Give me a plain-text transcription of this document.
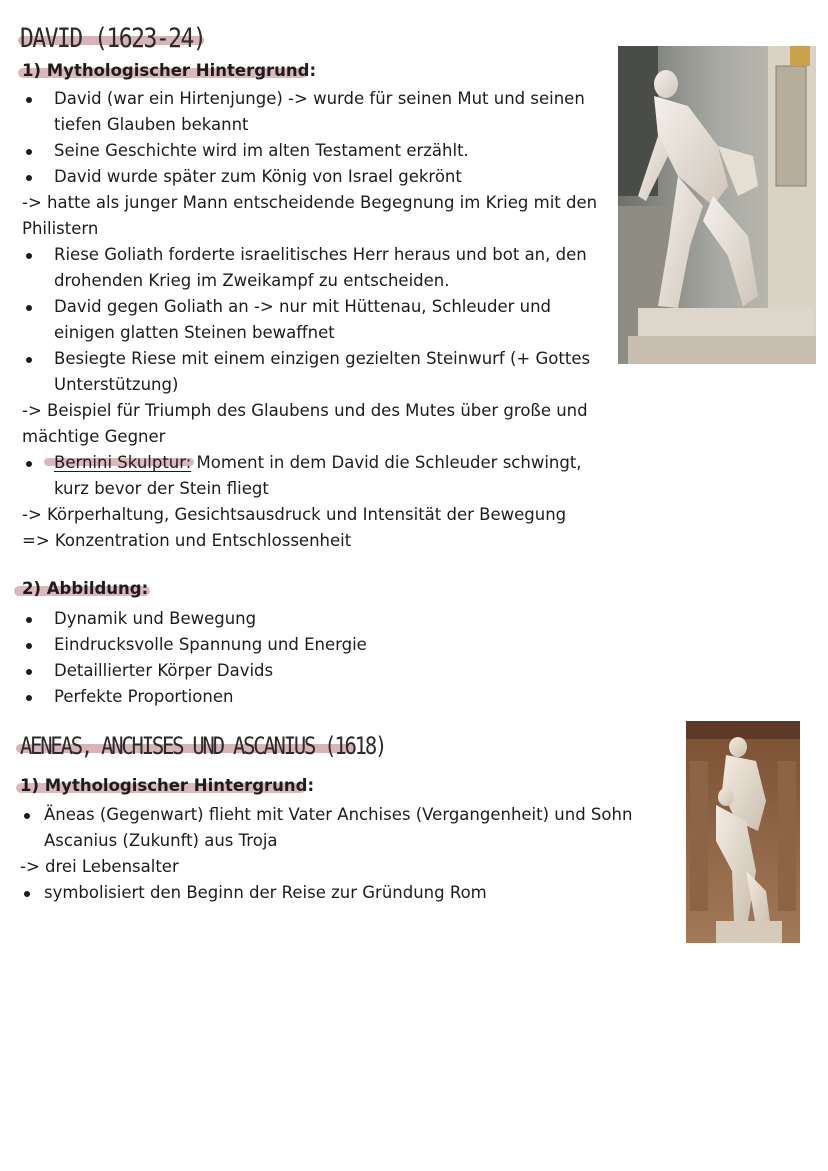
DAVID (1623-24)
1) Mythologischer Hintergrund:
David (war ein Hirtenjunge) -> wurde für seinen Mut und seinen
tiefen Glauben bekannt
Seine Geschichte wird im alten Testament erzählt.
David wurde später zum König von Israel gekrönt
-> hatte als junger Mann entscheidende Begegnung im Krieg mit den
Philistern
Riese Goliath forderte israelitisches Herr heraus und bot an, den
drohenden Krieg im Zweikampf zu entscheiden.
David gegen Goliath an -> nur mit Hüttenau, Schleuder und
einigen glatten Steinen bewaffnet
Besiegte Riese mit einem einzigen gezielten Steinwurf (+ Gottes
Unterstützung)
-> Beispiel für Triumph des Glaubens und des Mutes über große und
mächtige Gegner
Bernini Skulptur: Moment in dem David die Schleuder schwingt,
kurz bevor der Stein fliegt
-> Körperhaltung, Gesichtsausdruck und Intensität der Bewegung
=> Konzentration und Entschlossenheit
2) Abbildung:
Dynamik und Bewegung
Eindrucksvolle Spannung und Energie
Detaillierter Körper Davids
Perfekte Proportionen
AENEAS, ANCHISES UND ASCANIUS (1618)
1) Mythologischer Hintergrund:
Äneas (Gegenwart) flieht mit Vater Anchises (Vergangenheit) und Sohn
Ascanius (Zukunft) aus Troja
-> drei Lebensalter
symbolisiert den Beginn der Reise zur Gründung Rom
